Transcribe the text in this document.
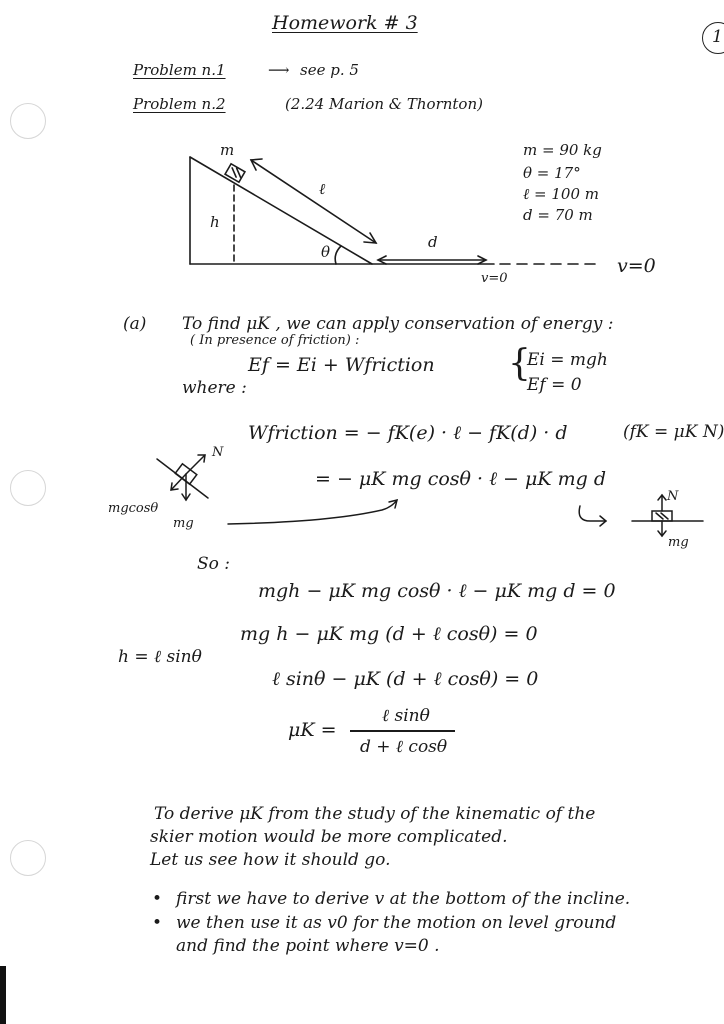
1
Homework # 3
Problem n.1	⟶ see p. 5
Problem n.2	(2.24 Marion & Thornton)
m
ℓ
h
θ
d
v=0
v=0
m = 90 kg
θ = 17°
ℓ = 100 m
d = 70 m
(a) To find μK , we can apply conservation of energy :
( In presence of friction) :
Ef = Ei + Wfriction
where :
{
Ei = mgh
Ef = 0
Wfriction = − fK(e) · ℓ − fK(d) · d	(fK = μK N)
= − μK mg cosθ · ℓ − μK mg d
N
mgcosθ
mg
N
mg
So :
mgh − μK mg cosθ · ℓ − μK mg d = 0
mg h − μK mg (d + ℓ cosθ) = 0
h = ℓ sinθ
ℓ sinθ − μK (d + ℓ cosθ) = 0
μK =
ℓ sinθ
d + ℓ cosθ
To derive μK from the study of the kinematic of the
skier motion would be more complicated.
Let us see how it should go.
• first we have to derive v at the bottom of the incline.
• we then use it as v0 for the motion on level ground
and find the point where v=0 .
